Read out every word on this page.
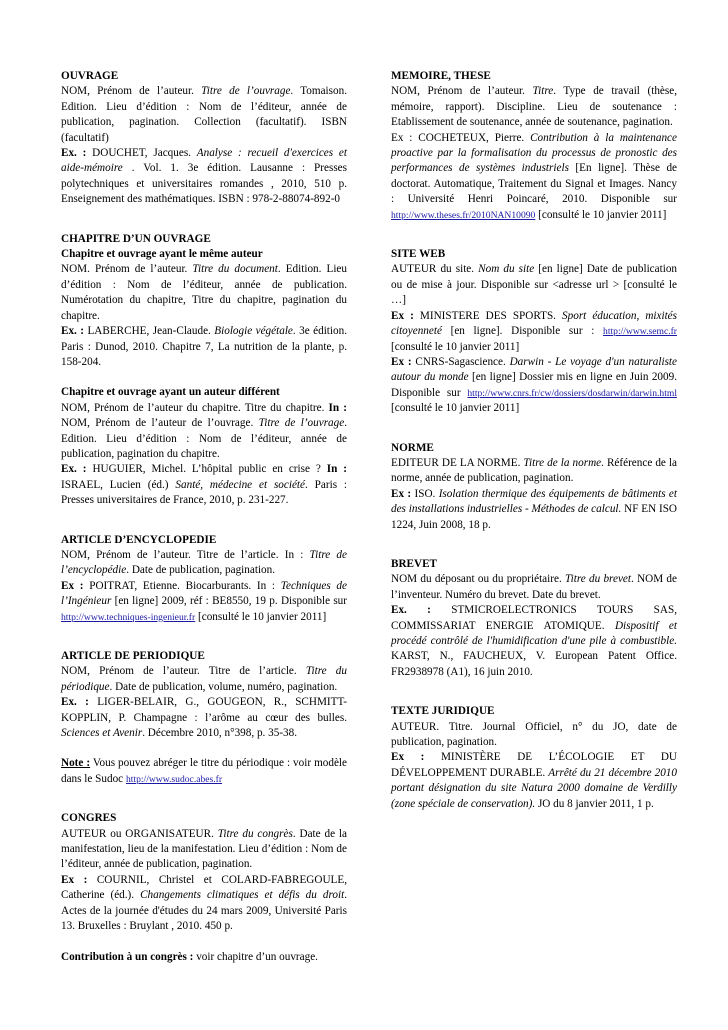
OUVRAGE

NOM, Prénom de l’auteur. Titre de l’ouvrage. Tomaison. Edition. Lieu d’édition : Nom de l’éditeur, année de publication, pagination. Collection (facultatif). ISBN (facultatif)

Ex. : DOUCHET, Jacques. Analyse : recueil d'exercices et aide-mémoire . Vol. 1. 3e édition. Lausanne : Presses polytechniques et universitaires romandes , 2010, 510 p. Enseignement des mathématiques. ISBN : 978-2-88074-892-0

CHAPITRE D’UN OUVRAGE
Chapitre et ouvrage ayant le même auteur

NOM. Prénom de l’auteur. Titre du document. Edition. Lieu d’édition : Nom de l’éditeur, année de publication. Numérotation du chapitre, Titre du chapitre, pagination du chapitre.

Ex. : LABERCHE, Jean-Claude. Biologie végétale. 3e édition. Paris : Dunod, 2010. Chapitre 7, La nutrition de la plante, p. 158-204.

Chapitre et ouvrage ayant un auteur différent

NOM, Prénom de l’auteur du chapitre. Titre du chapitre. In : NOM, Prénom de l’auteur de l’ouvrage. Titre de l’ouvrage. Edition. Lieu d’édition : Nom de l’éditeur, année de publication, pagination du chapitre.

Ex. : HUGUIER, Michel. L’hôpital public en crise ? In : ISRAEL, Lucien (éd.) Santé, médecine et société. Paris : Presses universitaires de France, 2010, p. 231-227.

ARTICLE D’ENCYCLOPEDIE

NOM, Prénom de l’auteur. Titre de l’article. In : Titre de l’encyclopédie. Date de publication, pagination.

Ex : POITRAT, Etienne. Biocarburants. In : Techniques de l’Ingénieur [en ligne] 2009, réf : BE8550, 19 p. Disponible sur http://www.techniques-ingenieur.fr [consulté le 10 janvier 2011]

ARTICLE DE PERIODIQUE

NOM, Prénom de l’auteur. Titre de l’article. Titre du périodique. Date de publication, volume, numéro, pagination.

Ex. : LIGER-BELAIR, G., GOUGEON, R., SCHMITT-KOPPLIN, P. Champagne : l’arôme au cœur des bulles. Sciences et Avenir. Décembre 2010, n°398, p. 35-38.

Note : Vous pouvez abréger le titre du périodique : voir modèle dans le Sudoc http://www.sudoc.abes.fr

CONGRES

AUTEUR ou ORGANISATEUR. Titre du congrès. Date de la manifestation, lieu de la manifestation. Lieu d’édition : Nom de l’éditeur, année de publication, pagination.

Ex : COURNIL, Christel et COLARD-FABREGOULE, Catherine (éd.). Changements climatiques et défis du droit. Actes de la journée d'études du 24 mars 2009, Université Paris 13. Bruxelles : Bruylant , 2010. 450 p.

Contribution à un congrès : voir chapitre d’un ouvrage.

MEMOIRE, THESE

NOM, Prénom de l’auteur. Titre. Type de travail (thèse, mémoire, rapport). Discipline. Lieu de soutenance : Etablissement de soutenance, année de soutenance, pagination.

Ex : COCHETEUX, Pierre. Contribution à la maintenance proactive par la formalisation du processus de pronostic des performances de systèmes industriels [En ligne]. Thèse de doctorat. Automatique, Traitement du Signal et Images. Nancy : Université Henri Poincaré, 2010. Disponible sur http://www.theses.fr/2010NAN10090 [consulté le 10 janvier 2011]

SITE WEB

AUTEUR du site. Nom du site [en ligne] Date de publication ou de mise à jour. Disponible sur <adresse url > [consulté le …]

Ex : MINISTERE DES SPORTS. Sport éducation, mixités citoyenneté [en ligne]. Disponible sur : http://www.semc.fr [consulté le 10 janvier 2011]

Ex : CNRS-Sagascience. Darwin - Le voyage d'un naturaliste autour du monde [en ligne] Dossier mis en ligne en Juin 2009. Disponible sur http://www.cnrs.fr/cw/dossiers/dosdarwin/darwin.html [consulté le 10 janvier 2011]

NORME

EDITEUR DE LA NORME. Titre de la norme. Référence de la norme, année de publication, pagination.

Ex : ISO. Isolation thermique des équipements de bâtiments et des installations industrielles - Méthodes de calcul. NF EN ISO 1224, Juin 2008, 18 p.

BREVET

NOM du déposant ou du propriétaire. Titre du brevet. NOM de l’inventeur. Numéro du brevet. Date du brevet.

Ex. : STMICROELECTRONICS TOURS SAS, COMMISSARIAT ENERGIE ATOMIQUE. Dispositif et procédé contrôlé de l'humidification d'une pile à combustible. KARST, N., FAUCHEUX, V. European Patent Office. FR2938978 (A1), 16 juin 2010.

TEXTE JURIDIQUE

AUTEUR. Titre. Journal Officiel, n° du JO, date de publication, pagination.

Ex : MINISTÈRE DE L’ÉCOLOGIE ET DU DÉVELOPPEMENT DURABLE. Arrêté du 21 décembre 2010 portant désignation du site Natura 2000 domaine de Verdilly (zone spéciale de conservation). JO du 8 janvier 2011, 1 p.
